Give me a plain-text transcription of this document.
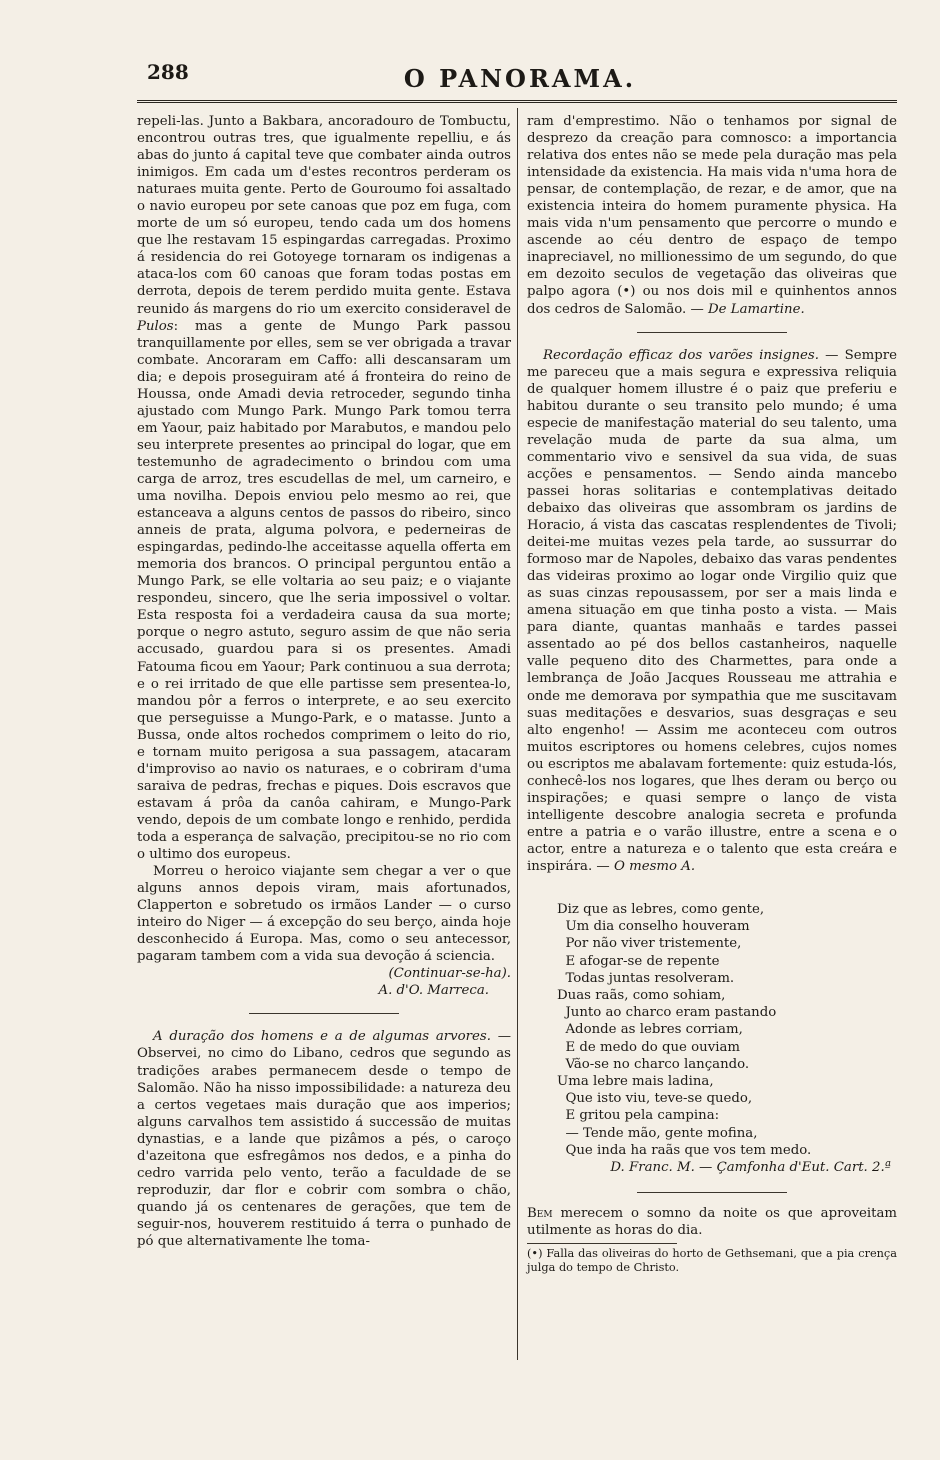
288	O PANORAMA.

repeli-las. Junto a Bakbara, ancoradouro de Tombuctu, encontrou outras tres, que igualmente repelliu, e ás abas do junto á capital teve que combater ainda outros inimigos. Em cada um d'estes recontros perderam os naturaes muita gente. Perto de Gouroumo foi assaltado o navio europeu por sete canoas que poz em fuga, com morte de um só europeu, tendo cada um dos homens que lhe restavam 15 espingardas carregadas. Proximo á residencia do rei Gotoyege tornaram os indigenas a ataca-los com 60 canoas que foram todas postas em derrota, depois de terem perdido muita gente. Estava reunido ás margens do rio um exercito consideravel de Pulos: mas a gente de Mungo Park passou tranquillamente por elles, sem se ver obrigada a travar combate. Ancoraram em Caffo: alli descansaram um dia; e depois proseguiram até á fronteira do reino de Houssa, onde Amadi devia retroceder, segundo tinha ajustado com Mungo Park. Mungo Park tomou terra em Yaour, paiz habitado por Marabutos, e mandou pelo seu interprete presentes ao principal do logar, que em testemunho de agradecimento o brindou com uma carga de arroz, tres escudellas de mel, um carneiro, e uma novilha. Depois enviou pelo mesmo ao rei, que estanceava a alguns centos de passos do ribeiro, sinco anneis de prata, alguma polvora, e pederneiras de espingardas, pedindo-lhe acceitasse aquella offerta em memoria dos brancos. O principal perguntou então a Mungo Park, se elle voltaria ao seu paiz; e o viajante respondeu, sincero, que lhe seria impossivel o voltar. Esta resposta foi a verdadeira causa da sua morte; porque o negro astuto, seguro assim de que não seria accusado, guardou para si os presentes. Amadi Fatouma ficou em Yaour; Park continuou a sua derrota; e o rei irritado de que elle partisse sem presentea-lo, mandou pôr a ferros o interprete, e ao seu exercito que perseguisse a Mungo-Park, e o matasse. Junto a Bussa, onde altos rochedos comprimem o leito do rio, e tornam muito perigosa a sua passagem, atacaram d'improviso ao navio os naturaes, e o cobriram d'uma saraiva de pedras, frechas e piques. Dois escravos que estavam á prôa da canôa cahiram, e Mungo-Park vendo, depois de um combate longo e renhido, perdida toda a esperança de salvação, precipitou-se no rio com o ultimo dos europeus.

Morreu o heroico viajante sem chegar a ver o que alguns annos depois viram, mais afortunados, Clapperton e sobretudo os irmãos Lander — o curso inteiro do Niger — á excepção do seu berço, ainda hoje desconhecido á Europa. Mas, como o seu antecessor, pagaram tambem com a vida sua devoção á sciencia.

(Continuar-se-ha).
A. d'O. Marreca.

A duração dos homens e a de algumas arvores. — Observei, no cimo do Libano, cedros que segundo as tradições arabes permanecem desde o tempo de Salomão. Não ha nisso impossibilidade: a natureza deu a certos vegetaes mais duração que aos imperios; alguns carvalhos tem assistido á successão de muitas dynastias, e a lande que pizâmos a pés, o caroço d'azeitona que esfregâmos nos dedos, e a pinha do cedro varrida pelo vento, terão a faculdade de se reproduzir, dar flor e cobrir com sombra o chão, quando já os centenares de gerações, que tem de seguir-nos, houverem restituido á terra o punhado de pó que alternativamente lhe toma-

ram d'emprestimo. Não o tenhamos por signal de desprezo da creação para comnosco: a importancia relativa dos entes não se mede pela duração mas pela intensidade da existencia. Ha mais vida n'uma hora de pensar, de contemplação, de rezar, e de amor, que na existencia inteira do homem puramente physica. Ha mais vida n'um pensamento que percorre o mundo e ascende ao céu dentro de espaço de tempo inapreciavel, no millionessimo de um segundo, do que em dezoito seculos de vegetação das oliveiras que palpo agora (•) ou nos dois mil e quinhentos annos dos cedros de Salomão. — De Lamartine.

Recordação efficaz dos varões insignes. — Sempre me pareceu que a mais segura e expressiva reliquia de qualquer homem illustre é o paiz que preferiu e habitou durante o seu transito pelo mundo; é uma especie de manifestação material do seu talento, uma revelação muda de parte da sua alma, um commentario vivo e sensivel da sua vida, de suas acções e pensamentos. — Sendo ainda mancebo passei horas solitarias e contemplativas deitado debaixo das oliveiras que assombram os jardins de Horacio, á vista das cascatas resplendentes de Tivoli; deitei-me muitas vezes pela tarde, ao sussurrar do formoso mar de Napoles, debaixo das varas pendentes das videiras proximo ao logar onde Virgilio quiz que as suas cinzas repousassem, por ser a mais linda e amena situação em que tinha posto a vista. — Mais para diante, quantas manhaãs e tardes passei assentado ao pé dos bellos castanheiros, naquelle valle pequeno dito des Charmettes, para onde a lembrança de João Jacques Rousseau me attrahia e onde me demorava por sympathia que me suscitavam suas meditações e desvarios, suas desgraças e seu alto engenho! — Assim me aconteceu com outros muitos escriptores ou homens celebres, cujos nomes ou escriptos me abalavam fortemente: quiz estuda-lós, conhecê-los nos logares, que lhes deram ou berço ou inspirações; e quasi sempre o lanço de vista intelligente descobre analogia secreta e profunda entre a patria e o varão illustre, entre a scena e o actor, entre a natureza e o talento que esta creára e inspirára. — O mesmo A.

Diz que as lebres, como gente,
Um dia conselho houveram
Por não viver tristemente,
E afogar-se de repente
Todas juntas resolveram.
Duas raãs, como sohiam,
Junto ao charco eram pastando
Adonde as lebres corriam,
E de medo do que ouviam
Vão-se no charco lançando.
Uma lebre mais ladina,
Que isto viu, teve-se quedo,
E gritou pela campina:
— Tende mão, gente mofina,
Que inda ha raãs que vos tem medo.
D. Franc. M. — Çamfonha d'Eut. Cart. 2.ª

Bem merecem o somno da noite os que aproveitam utilmente as horas do dia.

(•) Falla das oliveiras do horto de Gethsemani, que a pia crença julga do tempo de Christo.
